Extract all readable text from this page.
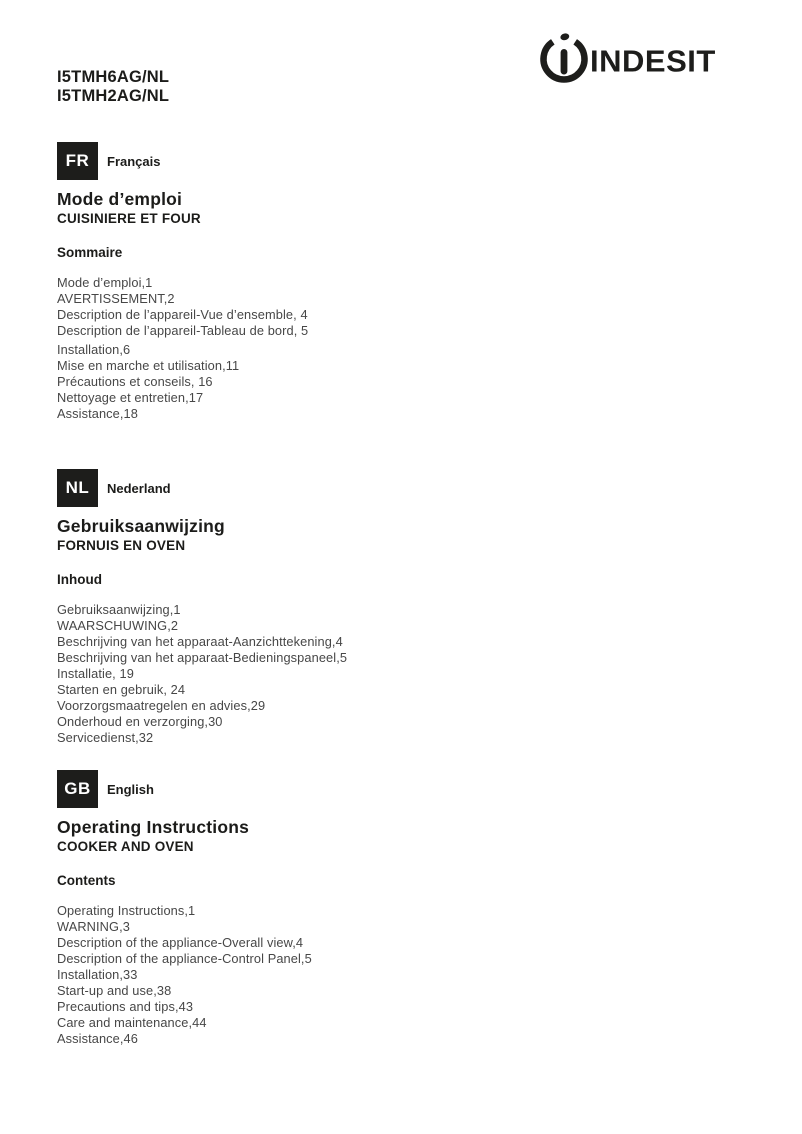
I5TMH6AG/NL
I5TMH2AG/NL
INDESIT
FR	Français
Mode d’emploi
CUISINIERE ET FOUR
Sommaire
Mode d’emploi,1
AVERTISSEMENT,2
Description de l’appareil-Vue d’ensemble, 4
Description de l’appareil-Tableau de bord, 5
Installation,6
Mise en marche et utilisation,11
Précautions et conseils, 16
Nettoyage et entretien,17
Assistance,18
NL	Nederland
Gebruiksaanwijzing
FORNUIS EN OVEN
Inhoud
Gebruiksaanwijzing,1
WAARSCHUWING,2
Beschrijving van het apparaat-Aanzichttekening,4
Beschrijving van het apparaat-Bedieningspaneel,5
Installatie, 19
Starten en gebruik, 24
Voorzorgsmaatregelen en advies,29
Onderhoud en verzorging,30
Servicedienst,32
GB	English
Operating Instructions
COOKER AND OVEN
Contents
Operating Instructions,1
WARNING,3
Description of the appliance-Overall view,4
Description of the appliance-Control Panel,5
Installation,33
Start-up and use,38
Precautions and tips,43
Care and maintenance,44
Assistance,46
